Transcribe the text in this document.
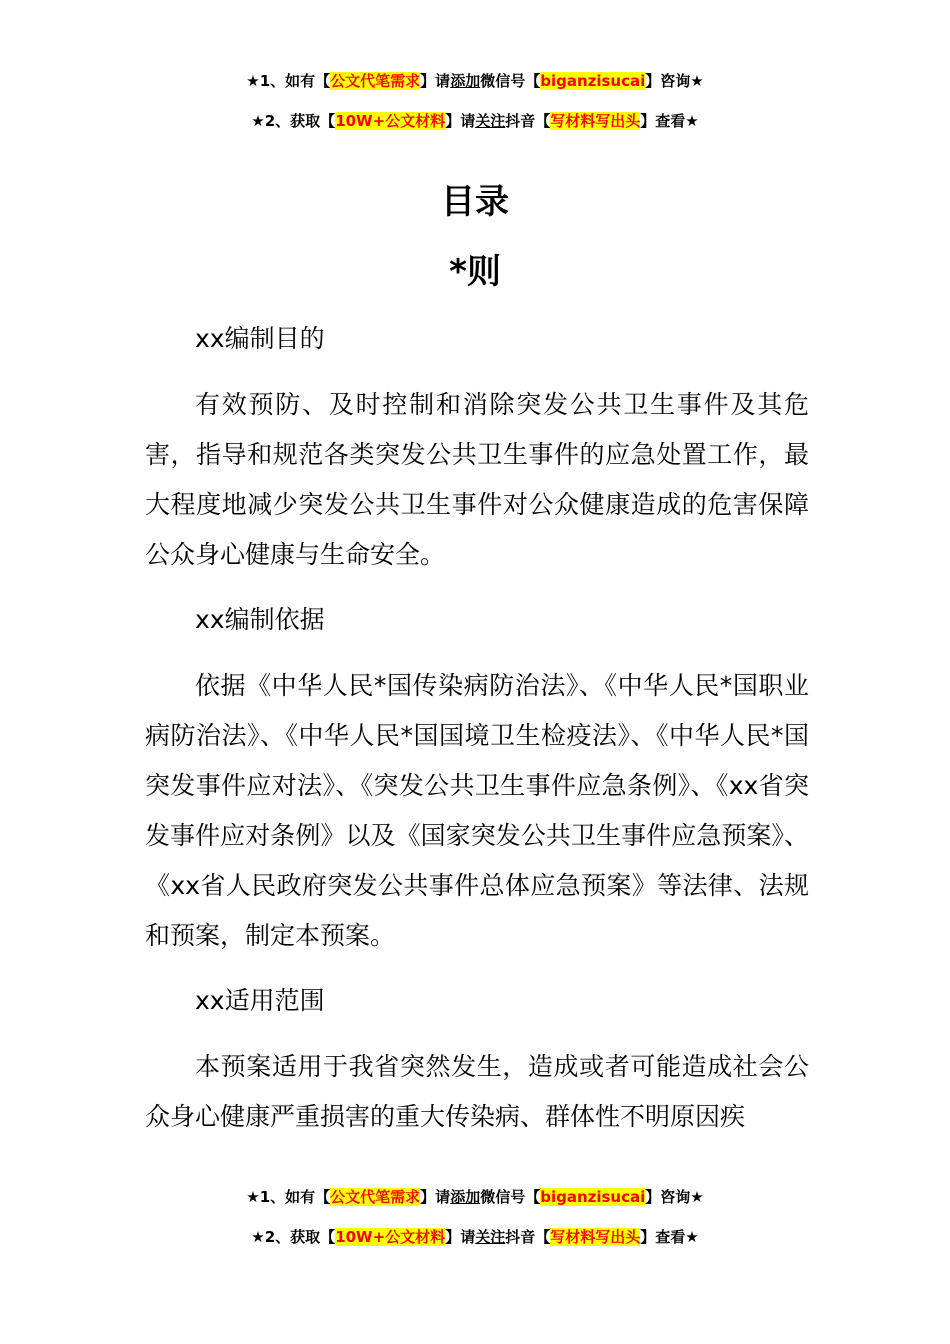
★1、如有【公文代笔需求】请添加微信号【biganzisucai】咨询★
★2、获取【10W+公文材料】请关注抖音【写材料写出头】查看★
目录
*则
xx编制目的
有效预防、及时控制和消除突发公共卫生事件及其危害，指导和规范各类突发公共卫生事件的应急处置工作，最大程度地减少突发公共卫生事件对公众健康造成的危害保障公众身心健康与生命安全。
xx编制依据
依据《中华人民*国传染病防治法》、《中华人民*国职业病防治法》、《中华人民*国国境卫生检疫法》、《中华人民*国突发事件应对法》、《突发公共卫生事件应急条例》、《xx省突发事件应对条例》以及《国家突发公共卫生事件应急预案》、《xx省人民政府突发公共事件总体应急预案》等法律、法规和预案，制定本预案。
xx适用范围
本预案适用于我省突然发生，造成或者可能造成社会公众身心健康严重损害的重大传染病、群体性不明原因疾
★1、如有【公文代笔需求】请添加微信号【biganzisucai】咨询★
★2、获取【10W+公文材料】请关注抖音【写材料写出头】查看★
